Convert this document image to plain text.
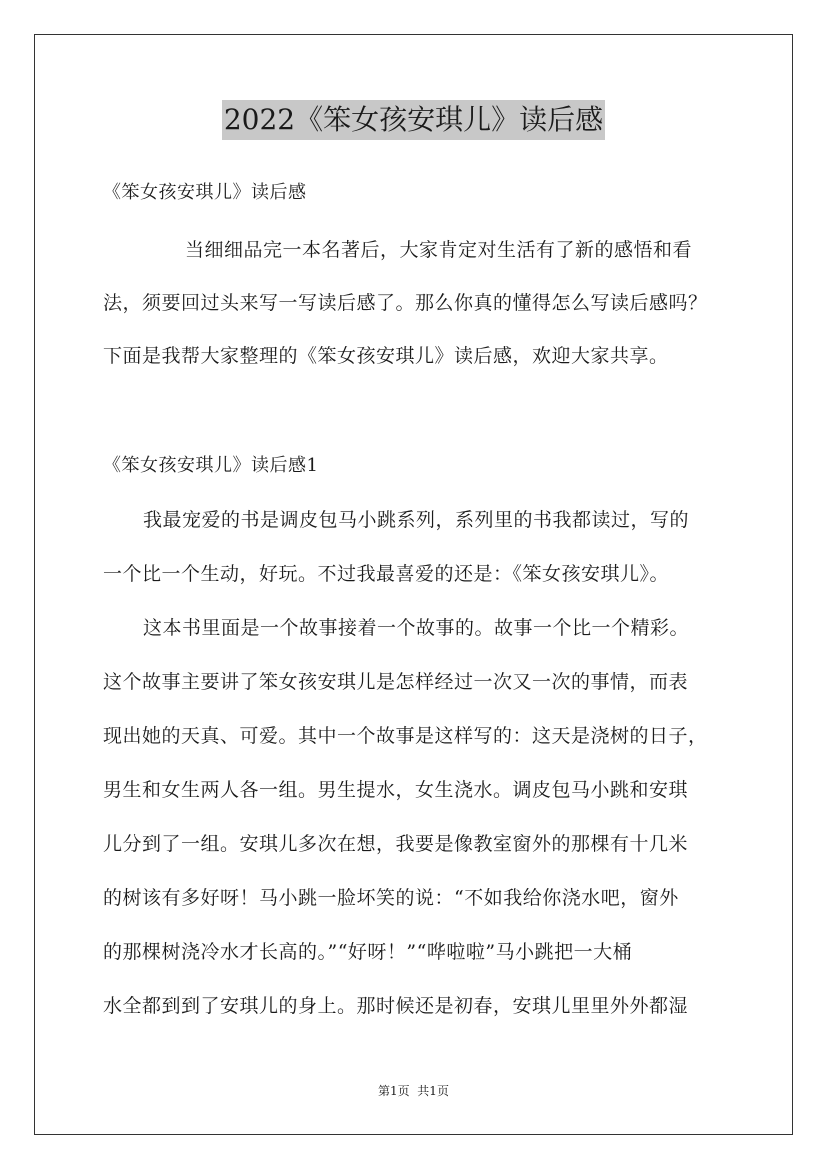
2022《笨女孩安琪儿》读后感
《笨女孩安琪儿》读后感
当细细品完一本名著后，大家肯定对生活有了新的感悟和看
法，须要回过头来写一写读后感了。那么你真的懂得怎么写读后感吗？
下面是我帮大家整理的《笨女孩安琪儿》读后感，欢迎大家共享。
《笨女孩安琪儿》读后感1
我最宠爱的书是调皮包马小跳系列，系列里的书我都读过，写的
一个比一个生动，好玩。不过我最喜爱的还是：《笨女孩安琪儿》。
这本书里面是一个故事接着一个故事的。故事一个比一个精彩。
这个故事主要讲了笨女孩安琪儿是怎样经过一次又一次的事情，而表
现出她的天真、可爱。其中一个故事是这样写的：这天是浇树的日子，
男生和女生两人各一组。男生提水，女生浇水。调皮包马小跳和安琪
儿分到了一组。安琪儿多次在想，我要是像教室窗外的那棵有十几米
的树该有多好呀！马小跳一脸坏笑的说：“不如我给你浇水吧，窗外
的那棵树浇冷水才长高的。”“好呀！”“哗啦啦”马小跳把一大桶
水全都到到了安琪儿的身上。那时候还是初春，安琪儿里里外外都湿
第1页  共1页
